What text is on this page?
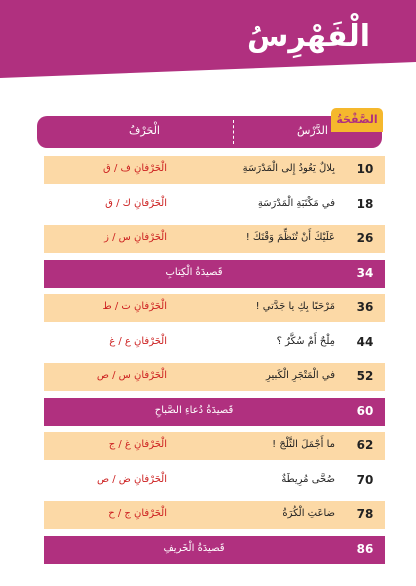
الْفَهْرِسُ
الدَّرْسُ
الْحَرْفُ
الصَّفْحَةُ
10
بِلالٌ يَعُودُ إِلى الْمَدْرَسَةِ
الْحَرْفانِ ف / ق
18
في مَكْتَبَةِ الْمَدْرَسَةِ
الْحَرْفانِ ك / ق
26
عَلَيْكَ أَنْ تُنَظِّمَ وَقْتَكَ !
الْحَرْفانِ س / ز
34
قَصيدَةُ الْكِتابِ
36
مَرْحَبًا بِكِ يا جَدَّتي !
الْحَرْفانِ ت / ط
44
مِلْحٌ أَمْ سُكَّرٌ ؟
الْحَرْفانِ ع / غ
52
في الْمَتْجَرِ الْكَبيرِ
الْحَرْفانِ س / ص
60
قَصيدَةُ دُعاءِ الصَّباحِ
62
ما أَجْمَلَ الثَّلْجَ !
الْحَرْفانِ غ / ج
70
صُحَّى مُرِيطَةٌ
الْحَرْفانِ ض / ص
78
ضاعَتِ الْكُرَةُ
الْحَرْفانِ ج / ح
86
قَصيدَةُ الْخَريفِ
